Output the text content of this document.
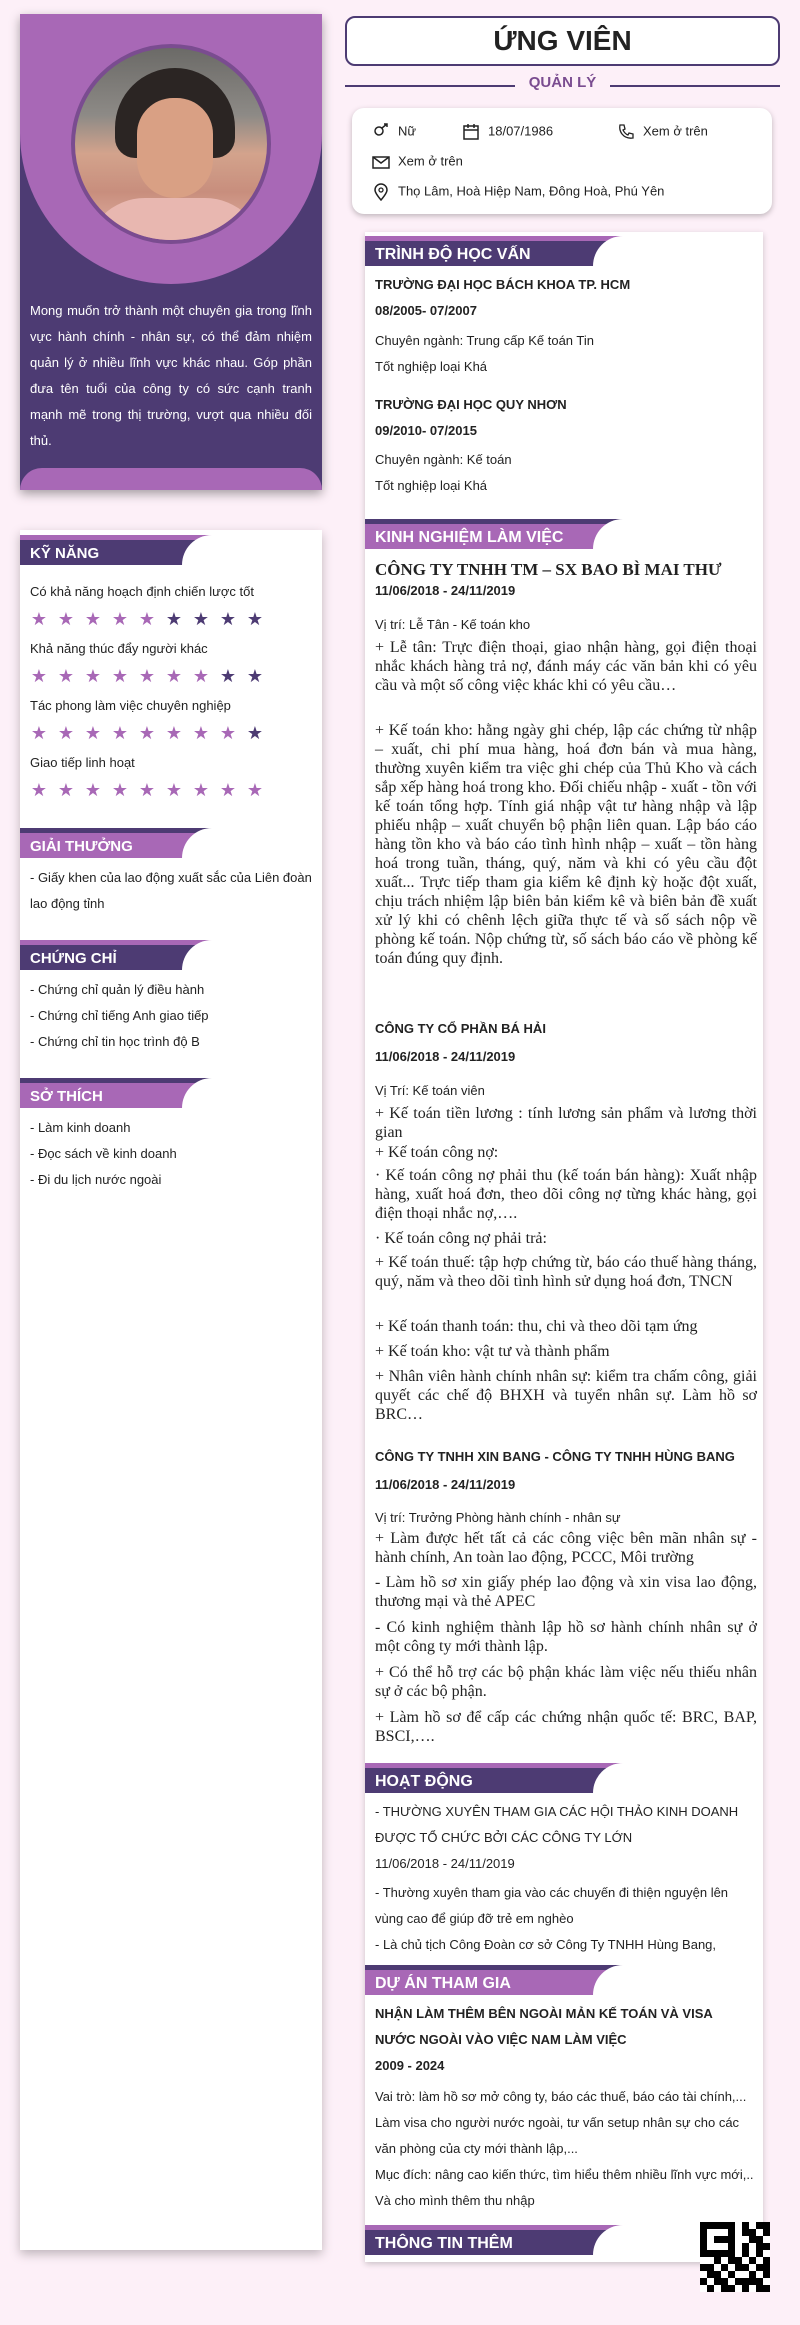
Mong muốn trở thành một chuyên gia trong lĩnh vực hành chính - nhân sự, có thể đảm nhiệm quản lý ở nhiều lĩnh vực khác nhau. Góp phần đưa tên tuổi của công ty có sức cạnh tranh mạnh mẽ trong thị trường, vượt qua nhiều đối thủ.
KỸ NĂNG
Có khả năng hoạch định chiến lược tốt
★ ★ ★ ★ ★ ★ ★ ★ ★
Khả năng thúc đẩy người khác
★ ★ ★ ★ ★ ★ ★ ★ ★
Tác phong làm việc chuyên nghiệp
★ ★ ★ ★ ★ ★ ★ ★ ★
Giao tiếp linh hoạt
★ ★ ★ ★ ★ ★ ★ ★ ★
GIẢI THƯỞNG
- Giấy khen của lao động xuất sắc của Liên đoàn lao động tỉnh
CHỨNG CHỈ
- Chứng chỉ quản lý điều hành
- Chứng chỉ tiếng Anh giao tiếp
- Chứng chỉ tin học trình độ B
SỞ THÍCH
- Làm kinh doanh
- Đọc sách về kinh doanh
- Đi du lịch nước ngoài
ỨNG VIÊN
QUẢN LÝ
Nữ	18/07/1986	Xem ở trên
Xem ở trên
Thọ Lâm, Hoà Hiệp Nam, Đông Hoà, Phú Yên
TRÌNH ĐỘ HỌC VẤN
TRƯỜNG ĐẠI HỌC BÁCH KHOA TP. HCM
08/2005- 07/2007
Chuyên ngành: Trung cấp Kế toán Tin
Tốt nghiệp loại Khá
TRƯỜNG ĐẠI HỌC QUY NHƠN
09/2010- 07/2015
Chuyên ngành: Kế toán
Tốt nghiệp loại Khá
KINH NGHIỆM LÀM VIỆC
CÔNG TY TNHH TM – SX BAO BÌ MAI THƯ
11/06/2018 - 24/11/2019
Vị trí: Lễ Tân - Kế toán kho
+ Lễ tân: Trực điện thoại, giao nhận hàng, gọi điện thoại nhắc khách hàng trả nợ, đánh máy các văn bản khi có yêu cầu và một số công việc khác khi có yêu cầu…
+ Kế toán kho: hằng ngày ghi chép, lập các chứng từ nhập – xuất, chi phí mua hàng, hoá đơn bán và mua hàng, thường xuyên kiểm tra việc ghi chép của Thủ Kho và cách sắp xếp hàng hoá trong kho. Đối chiếu nhập - xuất - tồn với kế toán tổng hợp. Tính giá nhập vật tư hàng nhập và lập phiếu nhập – xuất chuyển bộ phận liên quan. Lập báo cáo hàng tồn kho và báo cáo tình hình nhập – xuất – tồn hàng hoá trong tuần, tháng, quý, năm và khi có yêu cầu đột xuất... Trực tiếp tham gia kiểm kê định kỳ hoặc đột xuất, chịu trách nhiệm lập biên bản kiểm kê và biên bản đề xuất xử lý khi có chênh lệch giữa thực tế và số sách nộp về phòng kế toán. Nộp chứng từ, số sách báo cáo về phòng kế toán đúng quy định.
CÔNG TY CỔ PHẦN BÁ HẢI
11/06/2018 - 24/11/2019
Vị Trí: Kế toán viên
+ Kế toán tiền lương : tính lương sản phẩm và lương thời gian
+ Kế toán công nợ:
· Kế toán công nợ phải thu (kế toán bán hàng): Xuất nhập hàng, xuất hoá đơn, theo dõi công nợ từng khác hàng, gọi điện thoại nhắc nợ,….
· Kế toán công nợ phải trả:
+ Kế toán thuế: tập hợp chứng từ, báo cáo thuế hàng tháng, quý, năm và theo dõi tình hình sử dụng hoá đơn, TNCN
+ Kế toán thanh toán: thu, chi và theo dõi tạm ứng
+ Kế toán kho: vật tư và thành phẩm
+ Nhân viên hành chính nhân sự: kiểm tra chấm công, giải quyết các chế độ BHXH và tuyển nhân sự. Làm hồ sơ BRC…
CÔNG TY TNHH XIN BANG - CÔNG TY TNHH HÙNG BANG
11/06/2018 - 24/11/2019
Vị trí: Trưởng Phòng hành chính - nhân sự
+ Làm được hết tất cả các công việc bên mãn nhân sự - hành chính, An toàn lao động, PCCC, Môi trường
- Làm hồ sơ xin giấy phép lao động và xin visa lao động, thương mại và thẻ APEC
- Có kinh nghiệm thành lập hồ sơ hành chính nhân sự ở một công ty mới thành lập.
+ Có thể hỗ trợ các bộ phận khác làm việc nếu thiếu nhân sự ở các bộ phận.
+ Làm hồ sơ để cấp các chứng nhận quốc tế: BRC, BAP, BSCI,….
HOẠT ĐỘNG
- THƯỜNG XUYÊN THAM GIA CÁC HỘI THẢO KINH DOANH ĐƯỢC TỔ CHỨC BỞI CÁC CÔNG TY LỚN
11/06/2018 - 24/11/2019
- Thường xuyên tham gia vào các chuyến đi thiện nguyện lên vùng cao để giúp đỡ trẻ em nghèo
- Là chủ tịch Công Đoàn cơ sở Công Ty TNHH Hùng Bang,
DỰ ÁN THAM GIA
NHẬN LÀM THÊM BÊN NGOÀI MẢN KẾ TOÁN VÀ VISA NƯỚC NGOÀI VÀO VIỆC NAM LÀM VIỆC
2009 - 2024
Vai trò: làm hồ sơ mở công ty, báo các thuế, báo cáo tài chính,... Làm visa cho người nước ngoài, tư vấn setup nhân sự cho các văn phòng của cty mới thành lập,...
Mục đích: nâng cao kiến thức, tìm hiểu thêm nhiều lĩnh vực mới,.. Và cho mình thêm thu nhập
THÔNG TIN THÊM
